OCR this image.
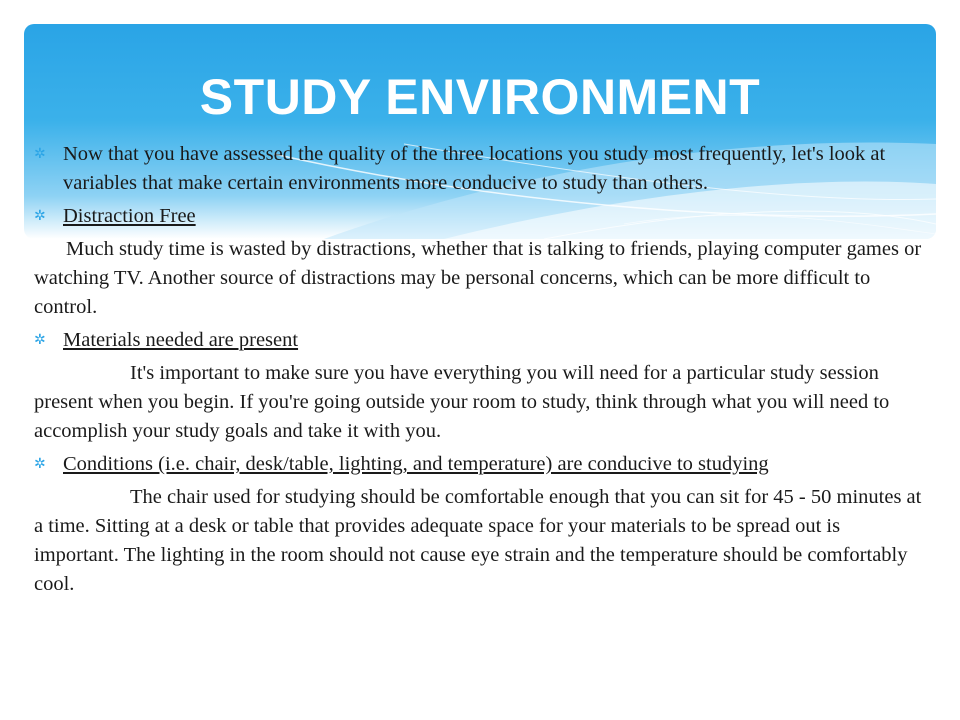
STUDY ENVIRONMENT

✲ Now that you have assessed the quality of the three locations you study most frequently, let's look at variables that make certain environments more conducive to study than others.

✲ Distraction Free

Much study time is wasted by distractions, whether that is talking to friends, playing computer games or watching TV. Another source of distractions may be personal concerns, which can be more difficult to control.

✲ Materials needed are present

It's important to make sure you have everything you will need for a particular study session present when you begin. If you're going outside your room to study, think through what you will need to accomplish your study goals and take it with you.

✲ Conditions (i.e. chair, desk/table, lighting, and temperature) are conducive to studying

The chair used for studying should be comfortable enough that you can sit for 45 - 50 minutes at a time. Sitting at a desk or table that provides adequate space for your materials to be spread out is important. The lighting in the room should not cause eye strain and the temperature should be comfortably cool.
